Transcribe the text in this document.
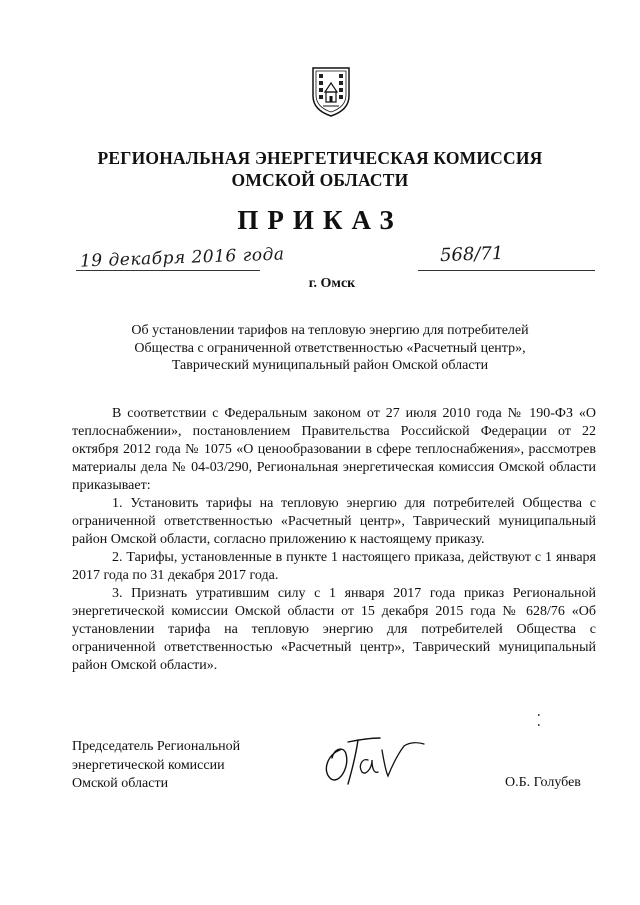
РЕГИОНАЛЬНАЯ ЭНЕРГЕТИЧЕСКАЯ КОМИССИЯ
ОМСКОЙ ОБЛАСТИ
ПРИКАЗ
19 декабря 2016 года	568/71
г. Омск
Об установлении тарифов на тепловую энергию для потребителей
Общества с ограниченной ответственностью «Расчетный центр»,
Таврический муниципальный район Омской области

В соответствии с Федеральным законом от 27 июля 2010 года № 190-ФЗ «О теплоснабжении», постановлением Правительства Российской Федерации от 22 октября 2012 года № 1075 «О ценообразовании в сфере теплоснабжения», рассмотрев материалы дела № 04-03/290, Региональная энергетическая комиссия Омской области приказывает:

1. Установить тарифы на тепловую энергию для потребителей Общества с ограниченной ответственностью «Расчетный центр», Таврический муниципальный район Омской области, согласно приложению к настоящему приказу.

2. Тарифы, установленные в пункте 1 настоящего приказа, действуют с 1 января 2017 года по 31 декабря 2017 года.

3. Признать утратившим силу с 1 января 2017 года приказ Региональной энергетической комиссии Омской области от 15 декабря 2015 года № 628/76 «Об установлении тарифа на тепловую энергию для потребителей Общества с ограниченной ответственностью «Расчетный центр», Таврический муниципальный район Омской области».

Председатель Региональной
энергетической комиссии
Омской области	О.Б. Голубев
